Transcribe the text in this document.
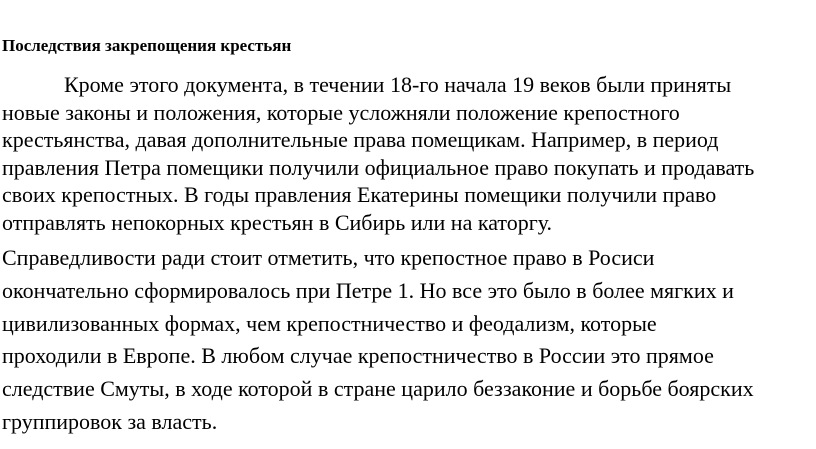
Последствия закрепощения крестьян

Кроме этого документа, в течении 18-го начала 19 веков были приняты
новые законы и положения, которые усложняли положение крепостного
крестьянства, давая дополнительные права помещикам. Например, в период
правления Петра помещики получили официальное право покупать и продавать
своих крепостных. В годы правления Екатерины помещики получили право
отправлять непокорных крестьян в Сибирь или на каторгу.

Справедливости ради стоит отметить, что крепостное право в Росиси
окончательно сформировалось при Петре 1. Но все это было в более мягких и
цивилизованных формах, чем крепостничество и феодализм, которые
проходили в Европе. В любом случае крепостничество в России это прямое
следствие Смуты, в ходе которой в стране царило беззаконие и борьбе боярских
группировок за власть.
